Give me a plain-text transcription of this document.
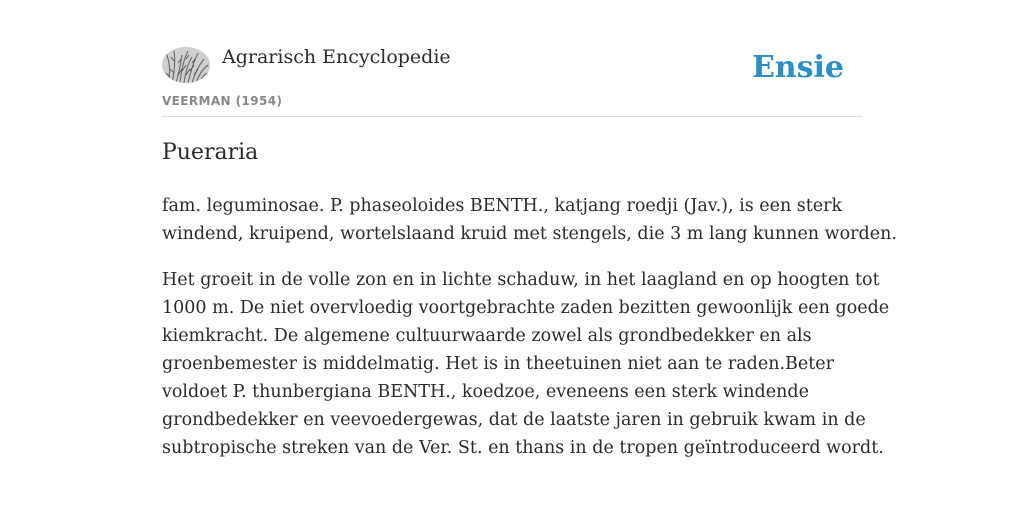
Agrarisch Encyclopedie
VEERMAN (1954)
Ensie
Pueraria

fam. leguminosae. P. phaseoloides BENTH., katjang roedji (Jav.), is een sterk
windend, kruipend, wortelslaand kruid met stengels, die 3 m lang kunnen worden.

Het groeit in de volle zon en in lichte schaduw, in het laagland en op hoogten tot
1000 m. De niet overvloedig voortgebrachte zaden bezitten gewoonlijk een goede
kiemkracht. De algemene cultuurwaarde zowel als grondbedekker en als
groenbemester is middelmatig. Het is in theetuinen niet aan te raden.Beter
voldoet P. thunbergiana BENTH., koedzoe, eveneens een sterk windende
grondbedekker en veevoedergewas, dat de laatste jaren in gebruik kwam in de
subtropische streken van de Ver. St. en thans in de tropen geïntroduceerd wordt.
